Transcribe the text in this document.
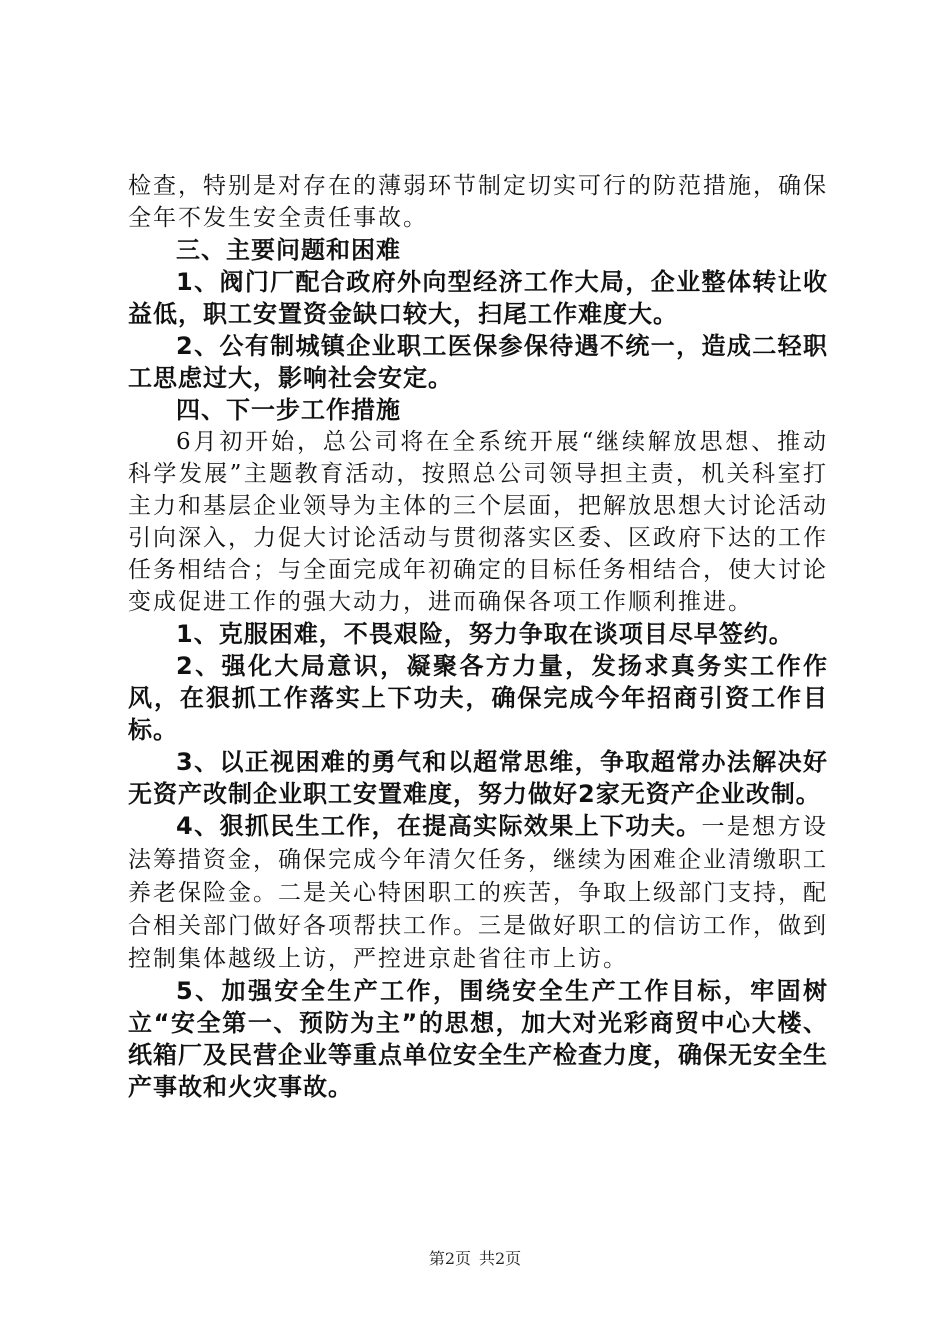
检查，特别是对存在的薄弱环节制定切实可行的防范措施，确保全年不发生安全责任事故。

三、主要问题和困难

1、阀门厂配合政府外向型经济工作大局，企业整体转让收益低，职工安置资金缺口较大，扫尾工作难度大。

2、公有制城镇企业职工医保参保待遇不统一，造成二轻职工思虑过大，影响社会安定。

四、下一步工作措施

6月初开始，总公司将在全系统开展“继续解放思想、推动科学发展”主题教育活动，按照总公司领导担主责，机关科室打主力和基层企业领导为主体的三个层面，把解放思想大讨论活动引向深入，力促大讨论活动与贯彻落实区委、区政府下达的工作任务相结合；与全面完成年初确定的目标任务相结合，使大讨论变成促进工作的强大动力，进而确保各项工作顺利推进。

1、克服困难，不畏艰险，努力争取在谈项目尽早签约。

2、强化大局意识，凝聚各方力量，发扬求真务实工作作风，在狠抓工作落实上下功夫，确保完成今年招商引资工作目标。

3、以正视困难的勇气和以超常思维，争取超常办法解决好无资产改制企业职工安置难度，努力做好2家无资产企业改制。

4、狠抓民生工作，在提高实际效果上下功夫。一是想方设法筹措资金，确保完成今年清欠任务，继续为困难企业清缴职工养老保险金。二是关心特困职工的疾苦，争取上级部门支持，配合相关部门做好各项帮扶工作。三是做好职工的信访工作，做到控制集体越级上访，严控进京赴省往市上访。

5、加强安全生产工作，围绕安全生产工作目标，牢固树立“安全第一、预防为主”的思想，加大对光彩商贸中心大楼、纸箱厂及民营企业等重点单位安全生产检查力度，确保无安全生产事故和火灾事故。

第2页 共2页
